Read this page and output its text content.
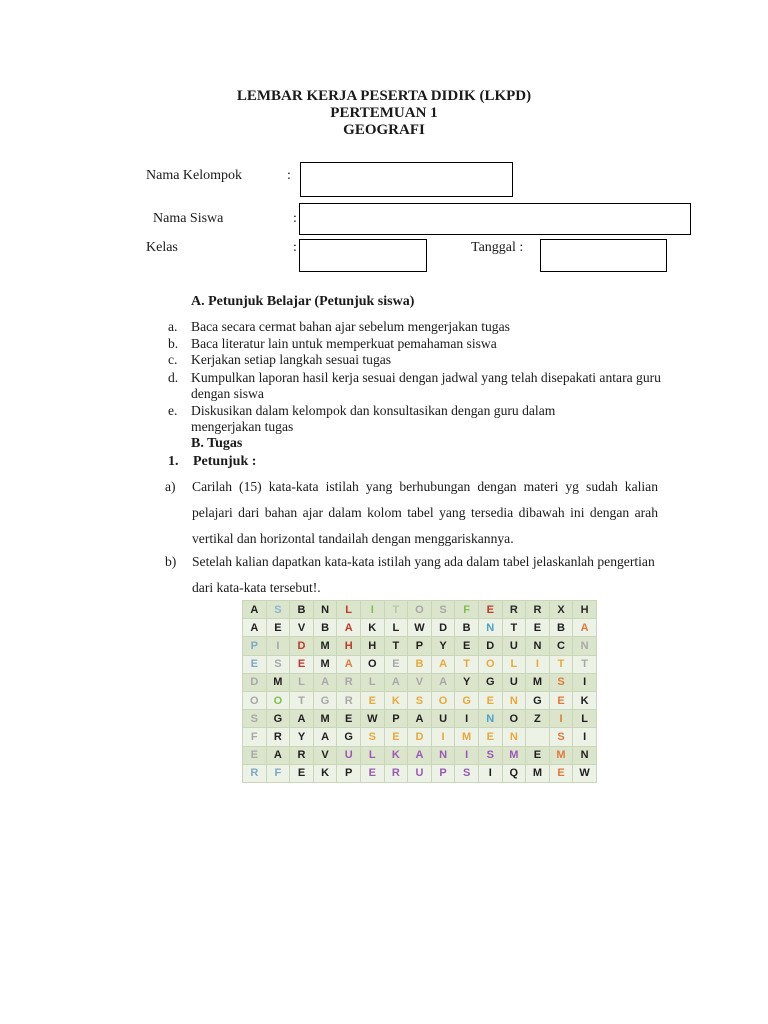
LEMBAR KERJA PESERTA DIDIK (LKPD)
PERTEMUAN 1
GEOGRAFI
Nama Kelompok	:
Nama Siswa	:
Kelas	:	Tanggal :
A. Petunjuk Belajar (Petunjuk siswa)
a. Baca secara cermat bahan ajar sebelum mengerjakan tugas
b. Baca literatur lain untuk memperkuat pemahaman siswa
c. Kerjakan setiap langkah sesuai tugas
d. Kumpulkan laporan hasil kerja sesuai dengan jadwal yang telah disepakati antara guru dengan siswa
e. Diskusikan dalam kelompok dan konsultasikan dengan guru dalam mengerjakan tugas
B. Tugas
1. Petunjuk :
a) Carilah (15) kata-kata istilah yang berhubungan dengan materi yg sudah kalian pelajari dari bahan ajar dalam kolom tabel yang tersedia dibawah ini dengan arah vertikal dan horizontal tandailah dengan menggariskannya.
b) Setelah kalian dapatkan kata-kata istilah yang ada dalam tabel jelaskanlah pengertian dari kata-kata tersebut!.
A	S	B	N	L	I	T	O	S	F	E	R	R	X	H
A	E	V	B	A	K	L	W	D	B	N	T	E	B	A
P	I	D	M	H	H	T	P	Y	E	D	U	N	C	N
E	S	E	M	A	O	E	B	A	T	O	L	I	T	T
D	M	L	A	R	L	A	V	A	Y	G	U	M	S	I
O	O	T	G	R	E	K	S	O	G	E	N	G	E	K
S	G	A	M	E	W	P	A	U	I	N	O	Z	I	L
F	R	Y	A	G	S	E	D	I	M	E	N		S	I
E	A	R	V	U	L	K	A	N	I	S	M	E	M	N
R	F	E	K	P	E	R	U	P	S	I	Q	M	E	W
